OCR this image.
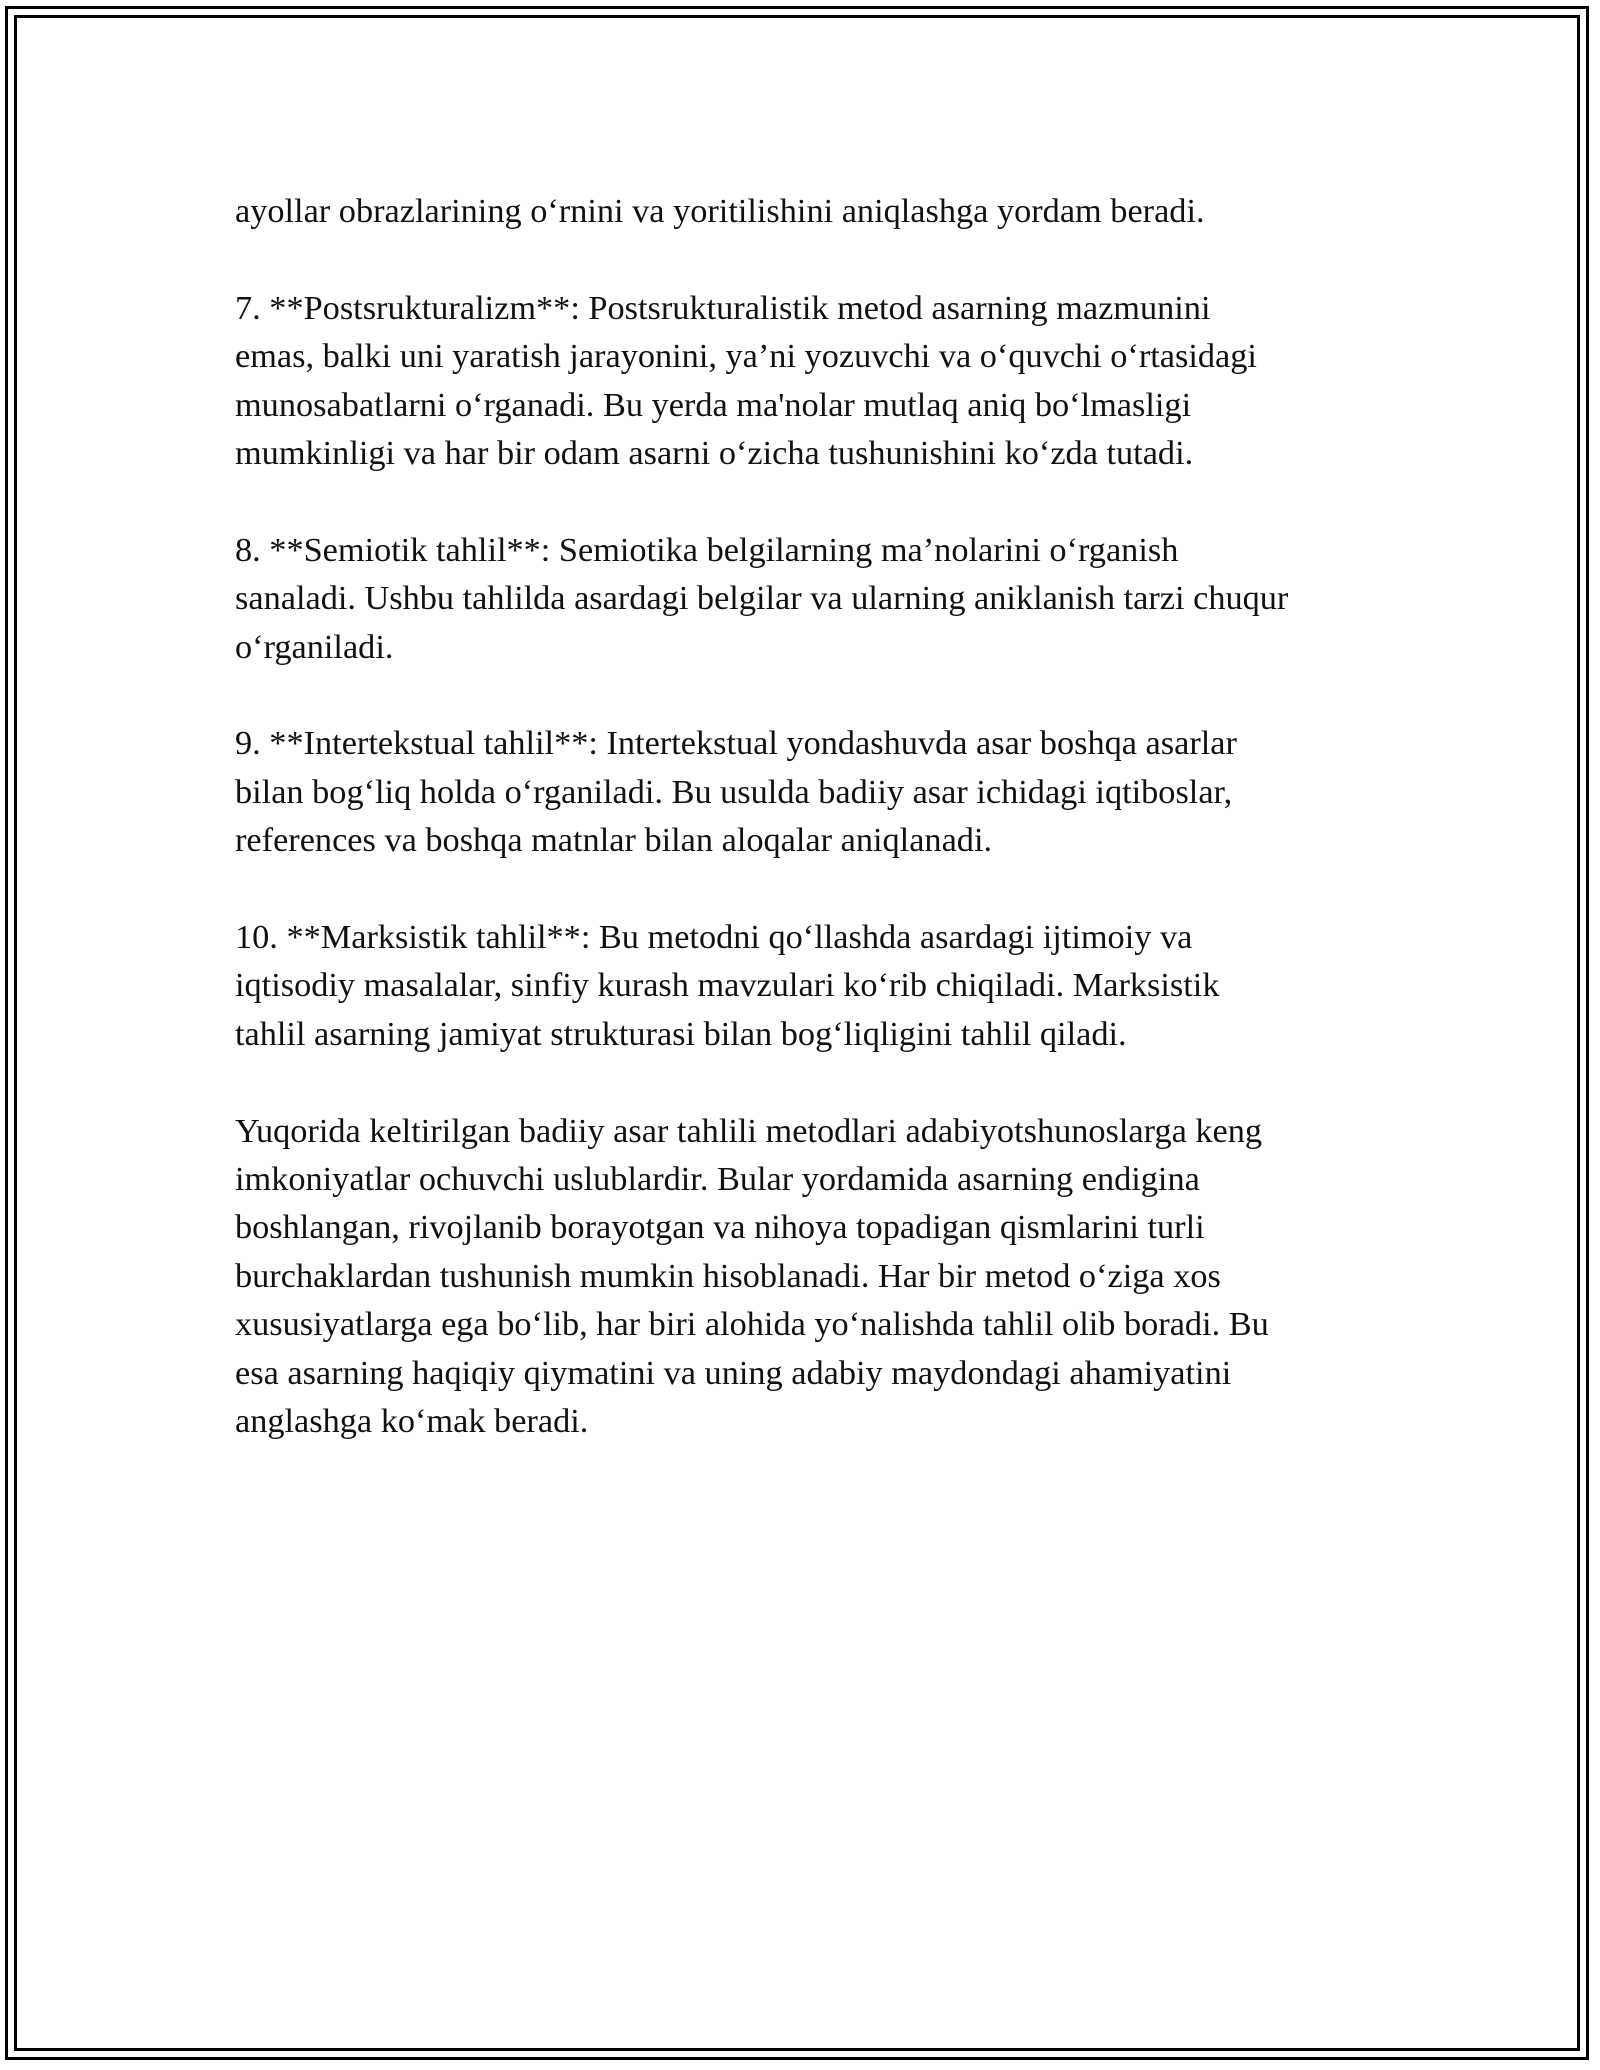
ayollar obrazlarining o‘rnini va yoritilishini aniqlashga yordam beradi.

7. **Postsrukturalizm**: Postsrukturalistik metod asarning mazmunini
emas, balki uni yaratish jarayonini, ya’ni yozuvchi va o‘quvchi o‘rtasidagi
munosabatlarni o‘rganadi. Bu yerda ma'nolar mutlaq aniq bo‘lmasligi
mumkinligi va har bir odam asarni o‘zicha tushunishini ko‘zda tutadi.

8. **Semiotik tahlil**: Semiotika belgilarning ma’nolarini o‘rganish
sanaladi. Ushbu tahlilda asardagi belgilar va ularning aniklanish tarzi chuqur
o‘rganiladi.

9. **Intertekstual tahlil**: Intertekstual yondashuvda asar boshqa asarlar
bilan bog‘liq holda o‘rganiladi. Bu usulda badiiy asar ichidagi iqtiboslar,
references va boshqa matnlar bilan aloqalar aniqlanadi.

10. **Marksistik tahlil**: Bu metodni qo‘llashda asardagi ijtimoiy va
iqtisodiy masalalar, sinfiy kurash mavzulari ko‘rib chiqiladi. Marksistik
tahlil asarning jamiyat strukturasi bilan bog‘liqligini tahlil qiladi.

Yuqorida keltirilgan badiiy asar tahlili metodlari adabiyotshunoslarga keng
imkoniyatlar ochuvchi uslublardir. Bular yordamida asarning endigina
boshlangan, rivojlanib borayotgan va nihoya topadigan qismlarini turli
burchaklardan tushunish mumkin hisoblanadi. Har bir metod o‘ziga xos
xususiyatlarga ega bo‘lib, har biri alohida yo‘nalishda tahlil olib boradi. Bu
esa asarning haqiqiy qiymatini va uning adabiy maydondagi ahamiyatini
anglashga ko‘mak beradi.
